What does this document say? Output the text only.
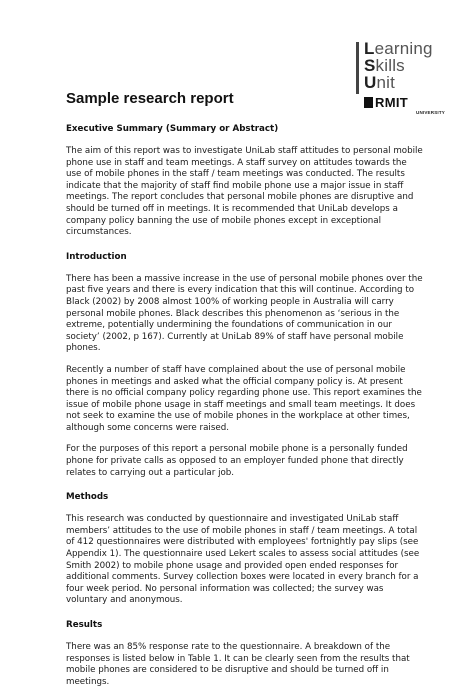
Learning
Skills
Unit
RMIT
UNIVERSITY
Sample research report
Executive Summary (Summary or Abstract)

The aim of this report was to investigate UniLab staff attitudes to personal mobile phone use in staff and team meetings. A staff survey on attitudes towards the use of mobile phones in the staff / team meetings was conducted. The results indicate that the majority of staff find mobile phone use a major issue in staff meetings. The report concludes that personal mobile phones are disruptive and should be turned off in meetings. It is recommended that UniLab develops a company policy banning the use of mobile phones except in exceptional circumstances.

Introduction

There has been a massive increase in the use of personal mobile phones over the past five years and there is every indication that this will continue. According to Black (2002) by 2008 almost 100% of working people in Australia will carry personal mobile phones. Black describes this phenomenon as ‘serious in the extreme, potentially undermining the foundations of communication in our society’ (2002, p 167). Currently at UniLab 89% of staff have personal mobile phones.

Recently a number of staff have complained about the use of personal mobile phones in meetings and asked what the official company policy is. At present there is no official company policy regarding phone use. This report examines the issue of mobile phone usage in staff meetings and small team meetings. It does not seek to examine the use of mobile phones in the workplace at other times, although some concerns were raised.

For the purposes of this report a personal mobile phone is a personally funded phone for private calls as opposed to an employer funded phone that directly relates to carrying out a particular job.

Methods

This research was conducted by questionnaire and investigated UniLab staff members’ attitudes to the use of mobile phones in staff / team meetings. A total of 412 questionnaires were distributed with employees' fortnightly pay slips (see Appendix 1). The questionnaire used Lekert scales to assess social attitudes (see Smith 2002) to mobile phone usage and provided open ended responses for additional comments. Survey collection boxes were located in every branch for a four week period. No personal information was collected; the survey was voluntary and anonymous.

Results

There was an 85% response rate to the questionnaire. A breakdown of the responses is listed below in Table 1. It can be clearly seen from the results that mobile phones are considered to be disruptive and should be turned off in meetings.
